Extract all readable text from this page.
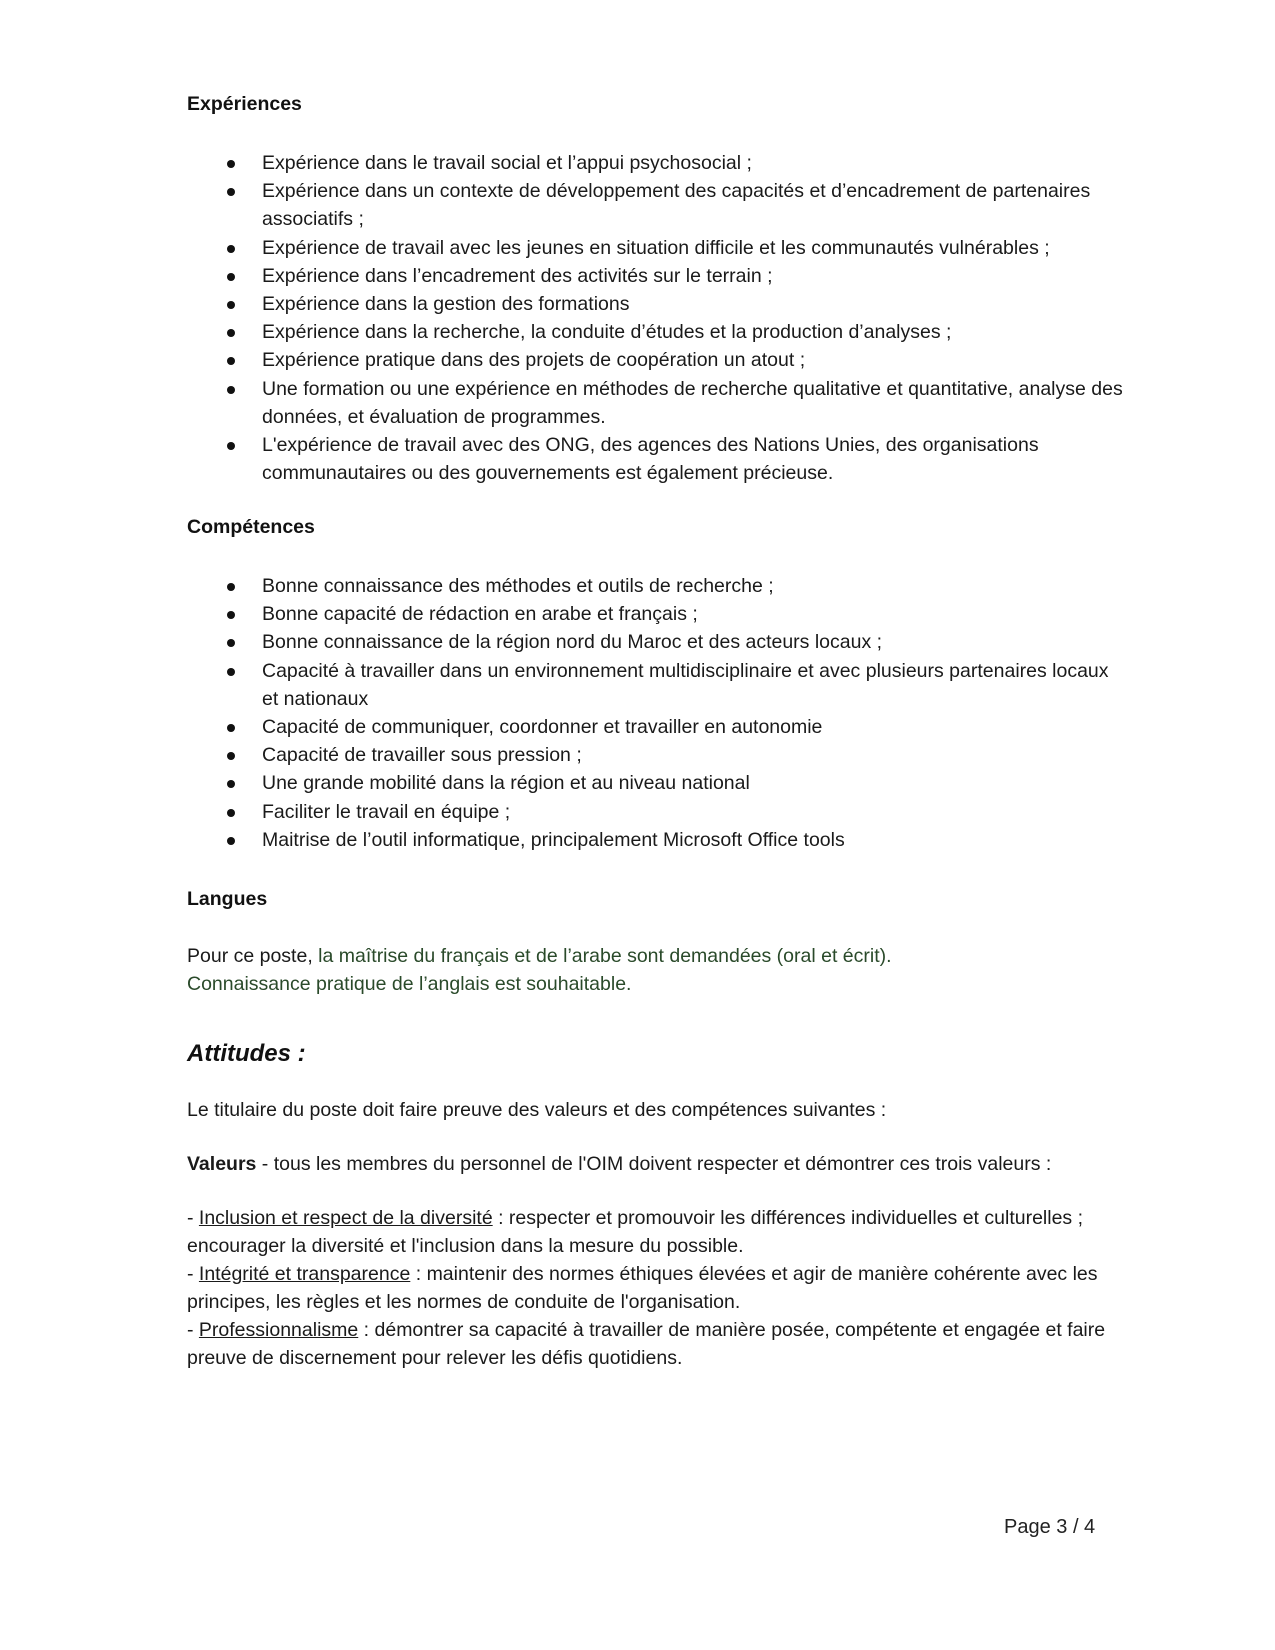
Expériences
Expérience dans le travail social et l’appui psychosocial ;
Expérience dans un contexte de développement des capacités et d’encadrement de partenaires associatifs ;
Expérience de travail avec les jeunes en situation difficile et les communautés vulnérables ;
Expérience dans l’encadrement des activités sur le terrain ;
Expérience dans la gestion des formations
Expérience dans la recherche, la conduite d’études et la production d’analyses ;
Expérience pratique dans des projets de coopération un atout ;
Une formation ou une expérience en méthodes de recherche qualitative et quantitative, analyse des données, et évaluation de programmes.
L'expérience de travail avec des ONG, des agences des Nations Unies, des organisations communautaires ou des gouvernements est également précieuse.
Compétences
Bonne connaissance des méthodes et outils de recherche ;
Bonne capacité de rédaction en arabe et français ;
Bonne connaissance de la région nord du Maroc et des acteurs locaux ;
Capacité à travailler dans un environnement multidisciplinaire et avec plusieurs partenaires locaux et nationaux
Capacité de communiquer, coordonner et travailler en autonomie
Capacité de travailler sous pression ;
Une grande mobilité dans la région et au niveau national
Faciliter le travail en équipe ;
Maitrise de l’outil informatique, principalement Microsoft Office tools
Langues
Pour ce poste, la maîtrise du français et de l’arabe sont demandées (oral et écrit).
Connaissance pratique de l’anglais est souhaitable.
Attitudes :
Le titulaire du poste doit faire preuve des valeurs et des compétences suivantes :
Valeurs - tous les membres du personnel de l'OIM doivent respecter et démontrer ces trois valeurs :
- Inclusion et respect de la diversité : respecter et promouvoir les différences individuelles et culturelles ; encourager la diversité et l'inclusion dans la mesure du possible.
- Intégrité et transparence : maintenir des normes éthiques élevées et agir de manière cohérente avec les principes, les règles et les normes de conduite de l'organisation.
- Professionnalisme : démontrer sa capacité à travailler de manière posée, compétente et engagée et faire preuve de discernement pour relever les défis quotidiens.
Page 3 / 4
